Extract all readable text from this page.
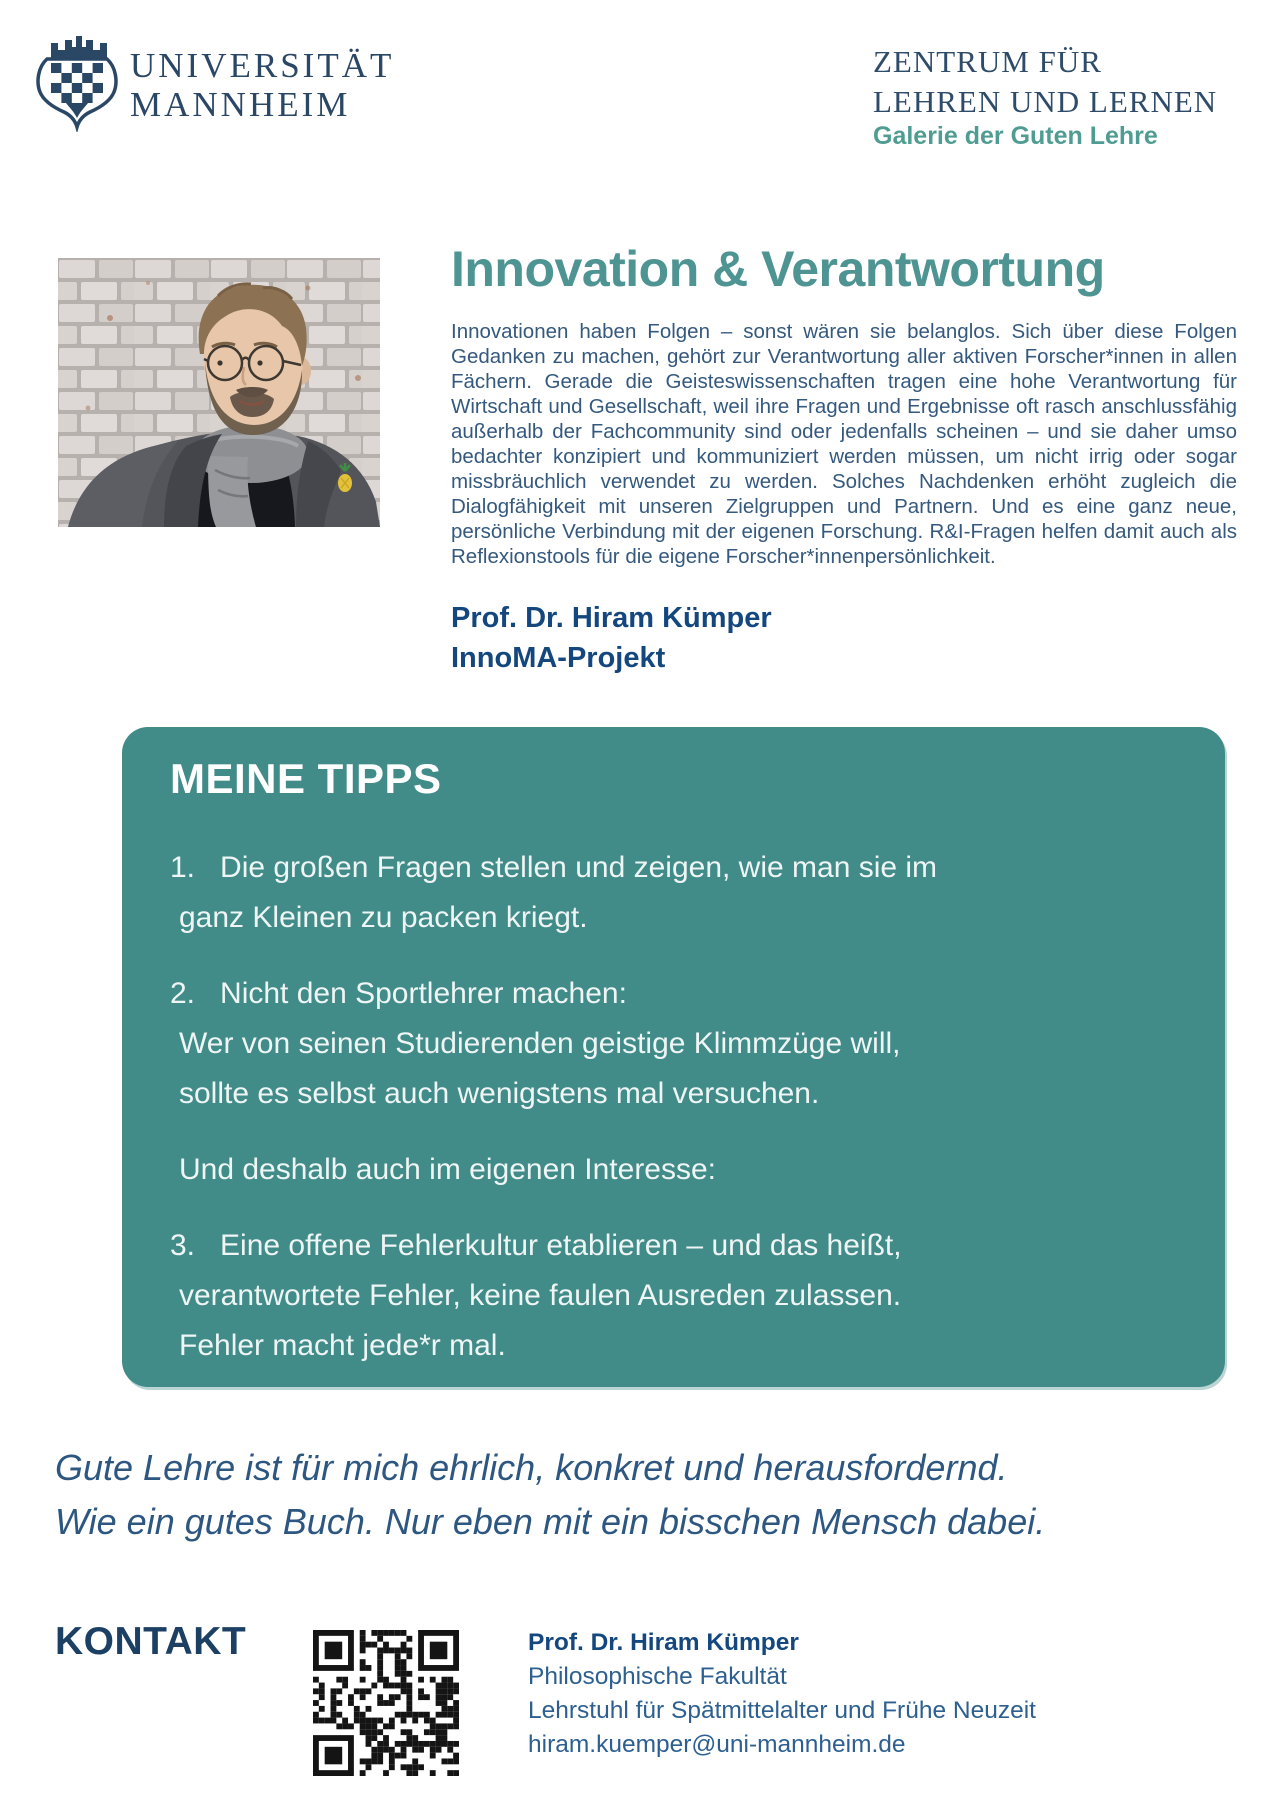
UNIVERSITÄT
MANNHEIM
ZENTRUM FÜR
LEHREN UND LERNEN
Galerie der Guten Lehre
Innovation & Verantwortung
Innovationen haben Folgen – sonst wären sie belanglos. Sich über diese Folgen Gedanken zu machen, gehört zur Verantwortung aller aktiven Forscher*innen in allen Fächern. Gerade die Geisteswissenschaften tragen eine hohe Verantwortung für Wirtschaft und Gesellschaft, weil ihre Fragen und Ergebnisse oft rasch anschlussfähig außerhalb der Fachcommunity sind oder jedenfalls scheinen – und sie daher umso bedachter konzipiert und kommuniziert werden müssen, um nicht irrig oder sogar missbräuchlich verwendet zu werden. Solches Nachdenken erhöht zugleich die Dialogfähigkeit mit unseren Zielgruppen und Partnern. Und es eine ganz neue, persönliche Verbindung mit der eigenen Forschung. R&I-Fragen helfen damit auch als Reflexionstools für die eigene Forscher*innenpersönlichkeit.
Prof. Dr. Hiram Kümper
InnoMA-Projekt
MEINE TIPPS
1.   Die großen Fragen stellen und zeigen, wie man sie im
ganz Kleinen zu packen kriegt.
2.   Nicht den Sportlehrer machen:
Wer von seinen Studierenden geistige Klimmzüge will,
sollte es selbst auch wenigstens mal versuchen.
Und deshalb auch im eigenen Interesse:
3.   Eine offene Fehlerkultur etablieren – und das heißt,
verantwortete Fehler, keine faulen Ausreden zulassen.
Fehler macht jede*r mal.
Gute Lehre ist für mich ehrlich, konkret und herausfordernd.
Wie ein gutes Buch. Nur eben mit ein bisschen Mensch dabei.
KONTAKT	Prof. Dr. Hiram Kümper
Philosophische Fakultät
Lehrstuhl für Spätmittelalter und Frühe Neuzeit
hiram.kuemper@uni-mannheim.de
